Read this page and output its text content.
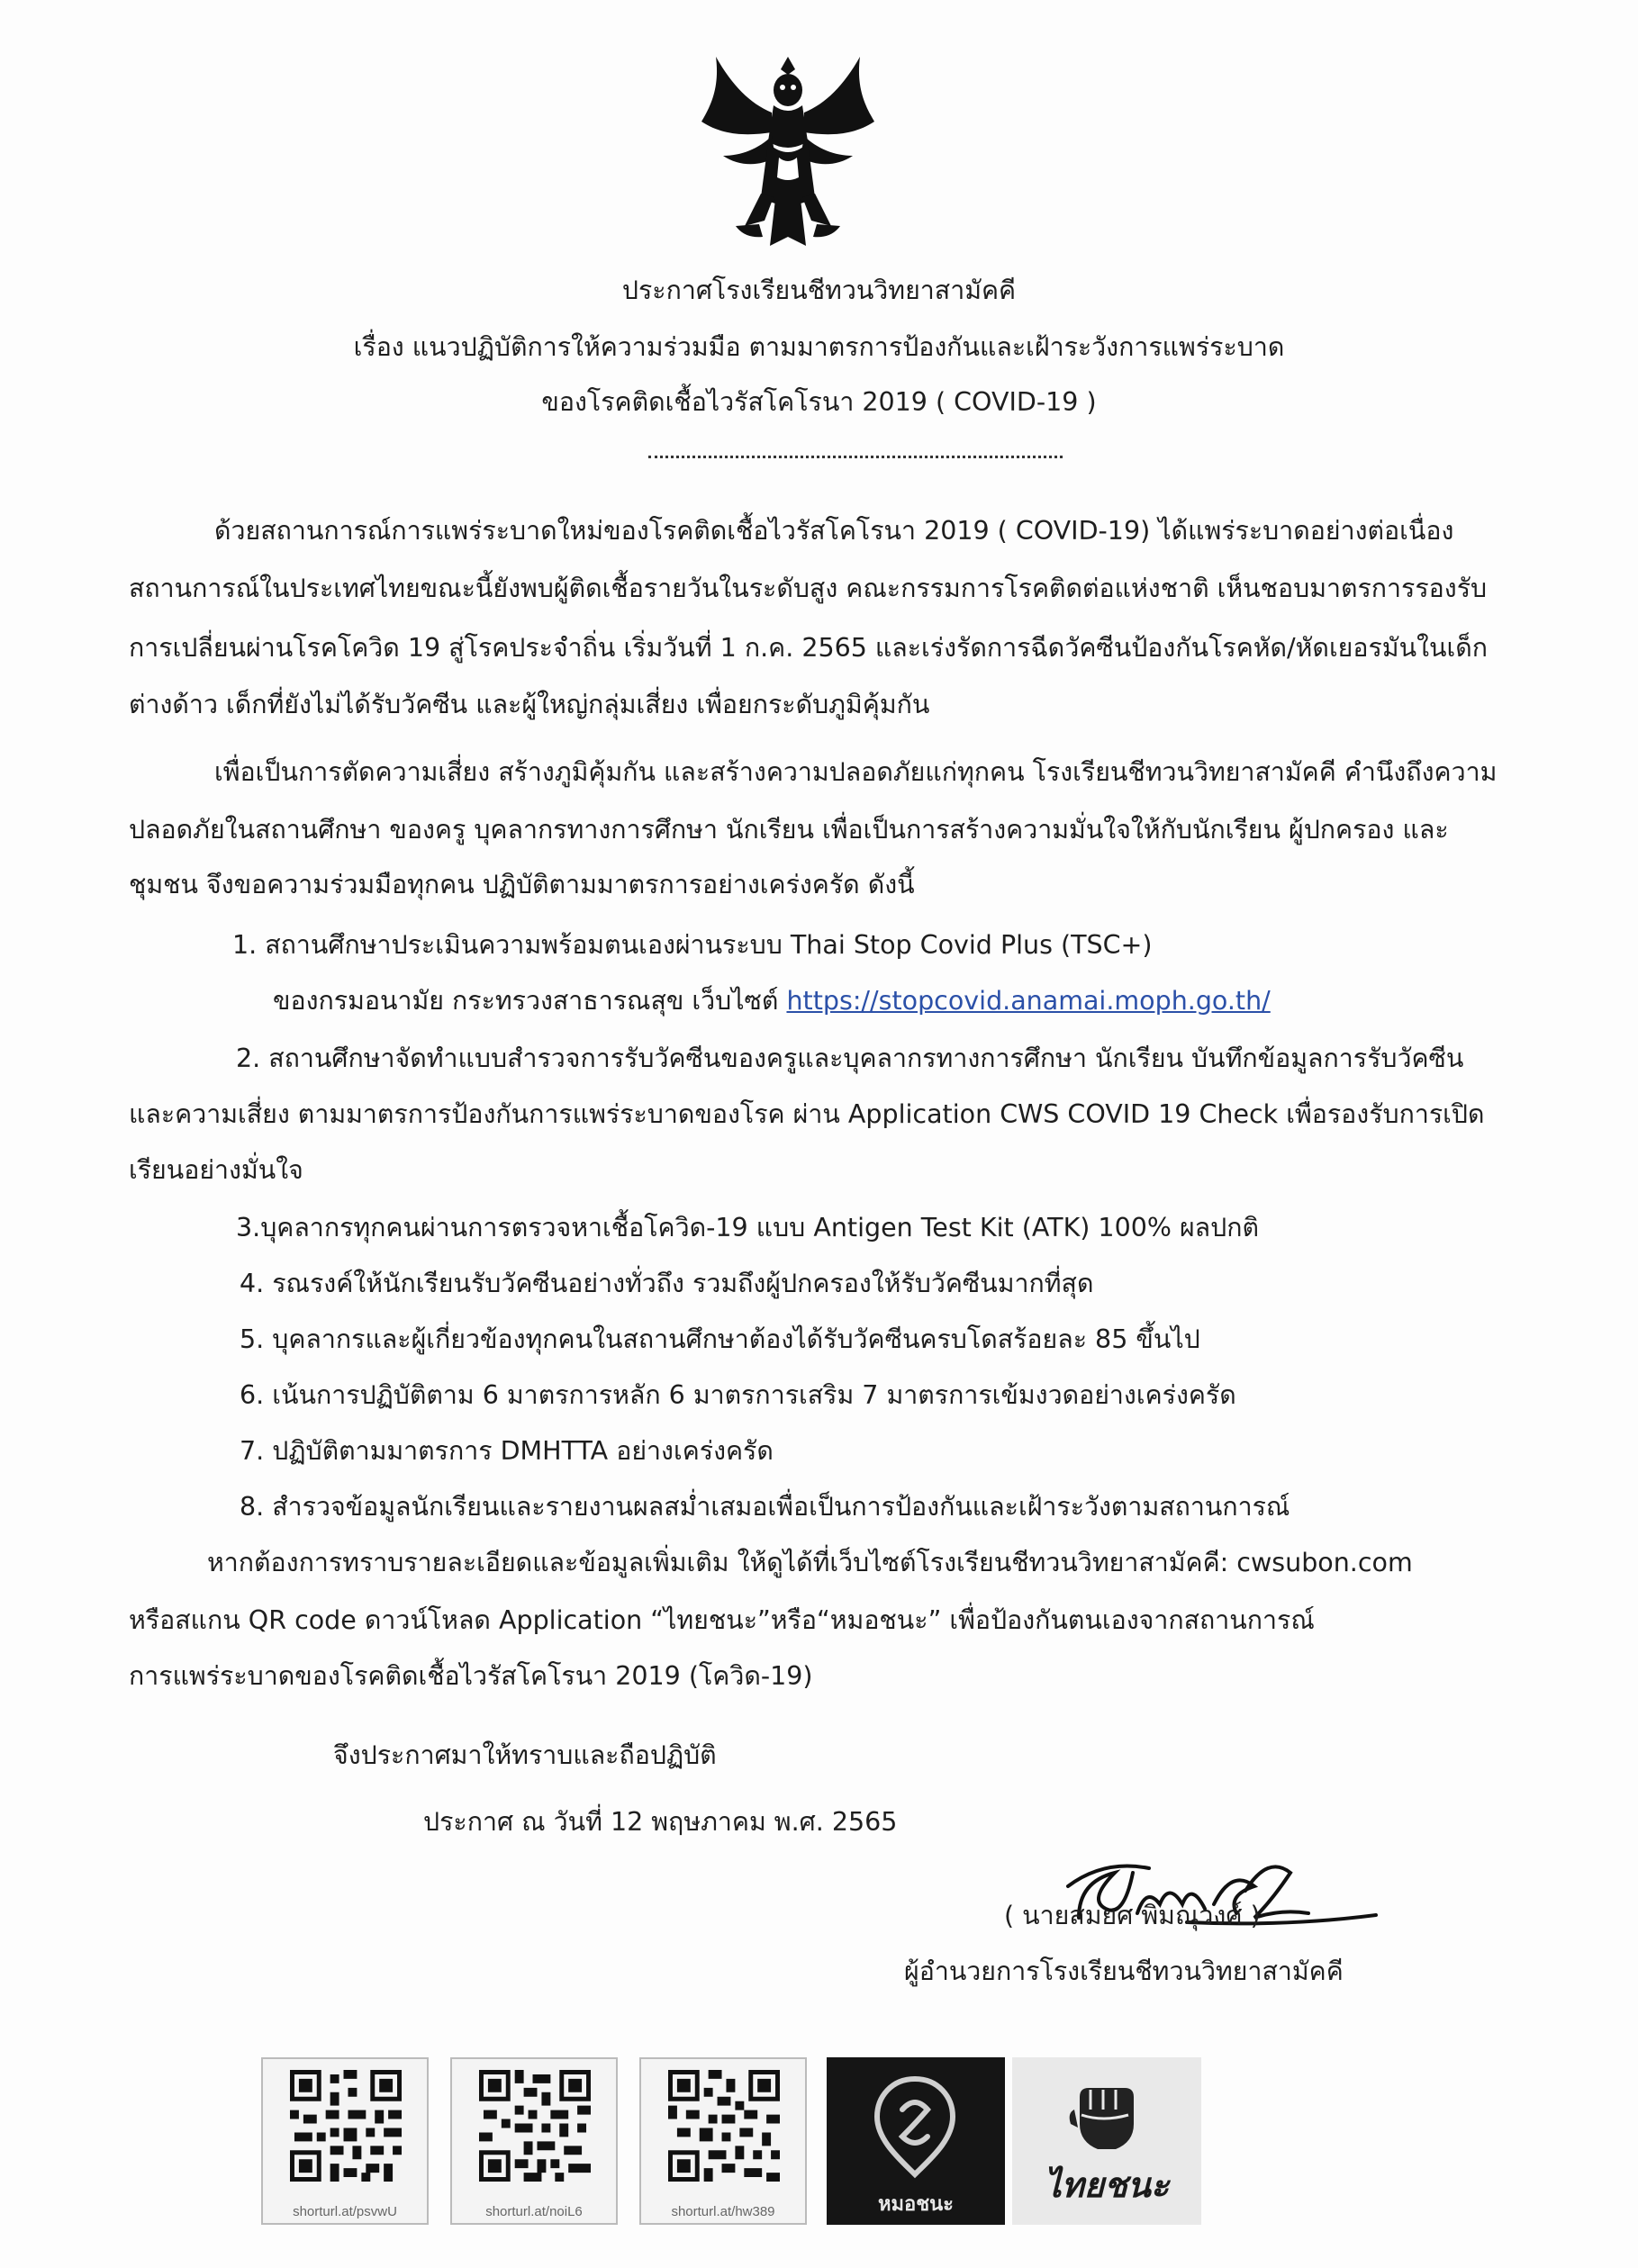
ประกาศโรงเรียนชีทวนวิทยาสามัคคี
เรื่อง แนวปฏิบัติการให้ความร่วมมือ ตามมาตรการป้องกันและเฝ้าระวังการแพร่ระบาด
ของโรคติดเชื้อไวรัสโคโรนา 2019 ( COVID-19 )
ด้วยสถานการณ์การแพร่ระบาดใหม่ของโรคติดเชื้อไวรัสโคโรนา 2019 ( COVID-19) ได้แพร่ระบาดอย่างต่อเนื่อง
สถานการณ์ในประเทศไทยขณะนี้ยังพบผู้ติดเชื้อรายวันในระดับสูง คณะกรรมการโรคติดต่อแห่งชาติ เห็นชอบมาตรการรองรับ
การเปลี่ยนผ่านโรคโควิด 19 สู่โรคประจำถิ่น เริ่มวันที่ 1 ก.ค. 2565 และเร่งรัดการฉีดวัคซีนป้องกันโรคหัด/หัดเยอรมันในเด็ก
ต่างด้าว เด็กที่ยังไม่ได้รับวัคซีน และผู้ใหญ่กลุ่มเสี่ยง เพื่อยกระดับภูมิคุ้มกัน
เพื่อเป็นการตัดความเสี่ยง สร้างภูมิคุ้มกัน และสร้างความปลอดภัยแก่ทุกคน โรงเรียนชีทวนวิทยาสามัคคี คำนึงถึงความ
ปลอดภัยในสถานศึกษา ของครู บุคลากรทางการศึกษา นักเรียน เพื่อเป็นการสร้างความมั่นใจให้กับนักเรียน ผู้ปกครอง และ
ชุมชน จึงขอความร่วมมือทุกคน ปฏิบัติตามมาตรการอย่างเคร่งครัด ดังนี้
1. สถานศึกษาประเมินความพร้อมตนเองผ่านระบบ Thai Stop Covid Plus (TSC+)
ของกรมอนามัย กระทรวงสาธารณสุข เว็บไซต์ https://stopcovid.anamai.moph.go.th/
2. สถานศึกษาจัดทำแบบสำรวจการรับวัคซีนของครูและบุคลากรทางการศึกษา นักเรียน บันทึกข้อมูลการรับวัคซีน
และความเสี่ยง ตามมาตรการป้องกันการแพร่ระบาดของโรค ผ่าน Application CWS COVID 19 Check เพื่อรองรับการเปิด
เรียนอย่างมั่นใจ
3.บุคลากรทุกคนผ่านการตรวจหาเชื้อโควิด-19 แบบ Antigen Test Kit (ATK) 100% ผลปกติ
4. รณรงค์ให้นักเรียนรับวัคซีนอย่างทั่วถึง รวมถึงผู้ปกครองให้รับวัคซีนมากที่สุด
5. บุคลากรและผู้เกี่ยวข้องทุกคนในสถานศึกษาต้องได้รับวัคซีนครบโดสร้อยละ 85 ขึ้นไป
6. เน้นการปฏิบัติตาม 6 มาตรการหลัก 6 มาตรการเสริม 7 มาตรการเข้มงวดอย่างเคร่งครัด
7. ปฏิบัติตามมาตรการ DMHTTA อย่างเคร่งครัด
8. สำรวจข้อมูลนักเรียนและรายงานผลสม่ำเสมอเพื่อเป็นการป้องกันและเฝ้าระวังตามสถานการณ์
หากต้องการทราบรายละเอียดและข้อมูลเพิ่มเติม ให้ดูได้ที่เว็บไซต์โรงเรียนชีทวนวิทยาสามัคคี: cwsubon.com
หรือสแกน QR code ดาวน์โหลด Application “ไทยชนะ”หรือ“หมอชนะ” เพื่อป้องกันตนเองจากสถานการณ์
การแพร่ระบาดของโรคติดเชื้อไวรัสโคโรนา 2019 (โควิด-19)
จึงประกาศมาให้ทราบและถือปฏิบัติ
ประกาศ ณ วันที่ 12 พฤษภาคม พ.ศ. 2565
( นายสมยศ พิมณุวงศ์ )
ผู้อำนวยการโรงเรียนชีทวนวิทยาสามัคคี
shorturl.at/psvwU	shorturl.at/noiL6	shorturl.at/hw389	หมอชนะ	ไทยชนะ
